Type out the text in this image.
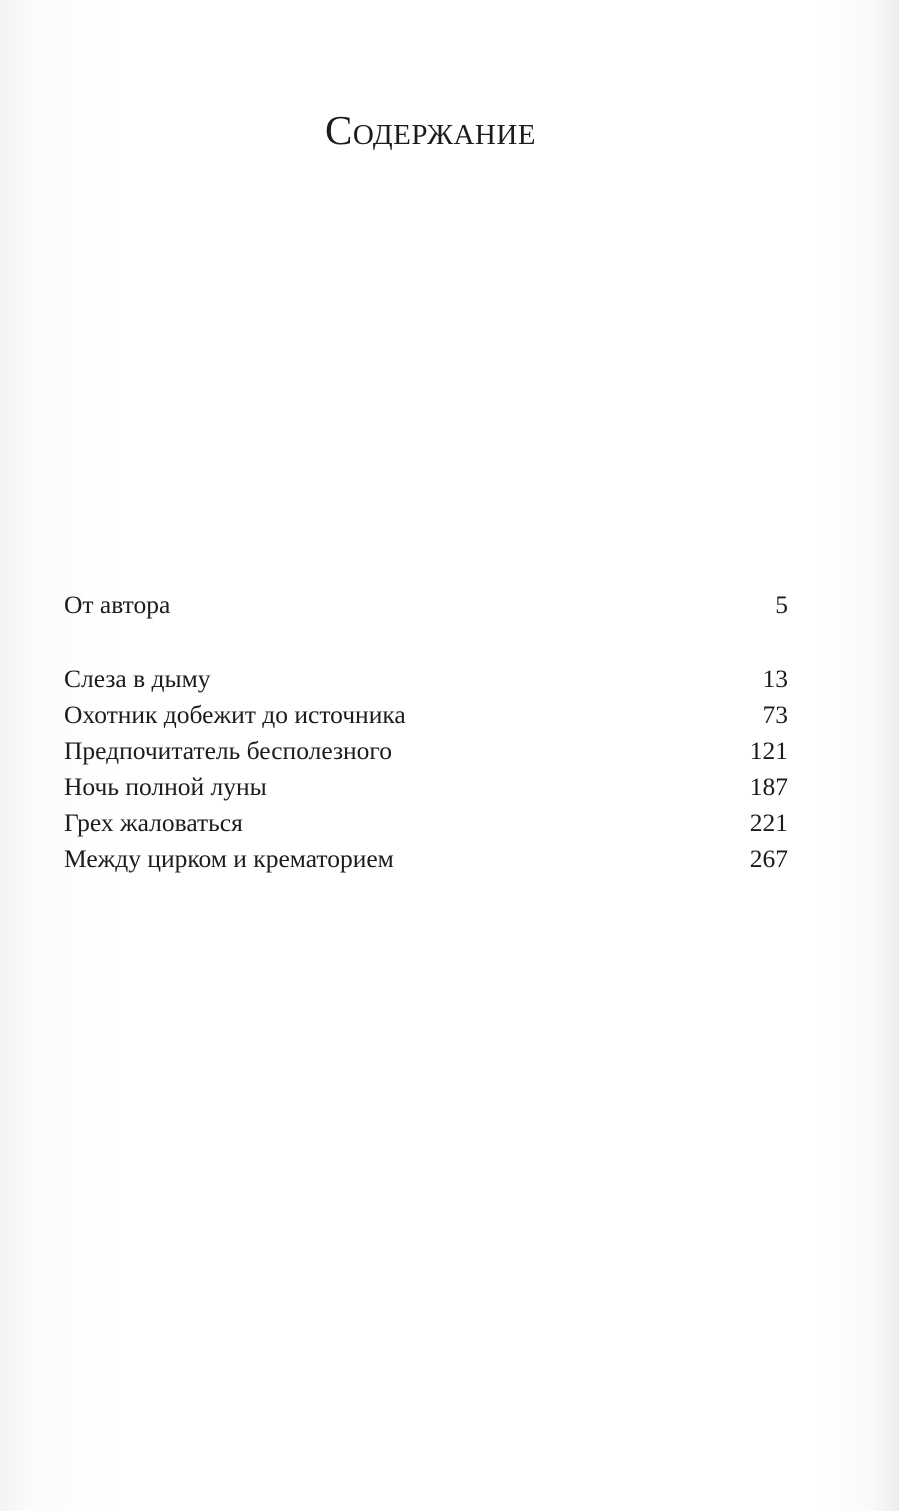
Содержание
От автора	5
Слеза в дыму	13
Охотник добежит до источника	73
Предпочитатель бесполезного	121
Ночь полной луны	187
Грех жаловаться	221
Между цирком и крематорием	267
